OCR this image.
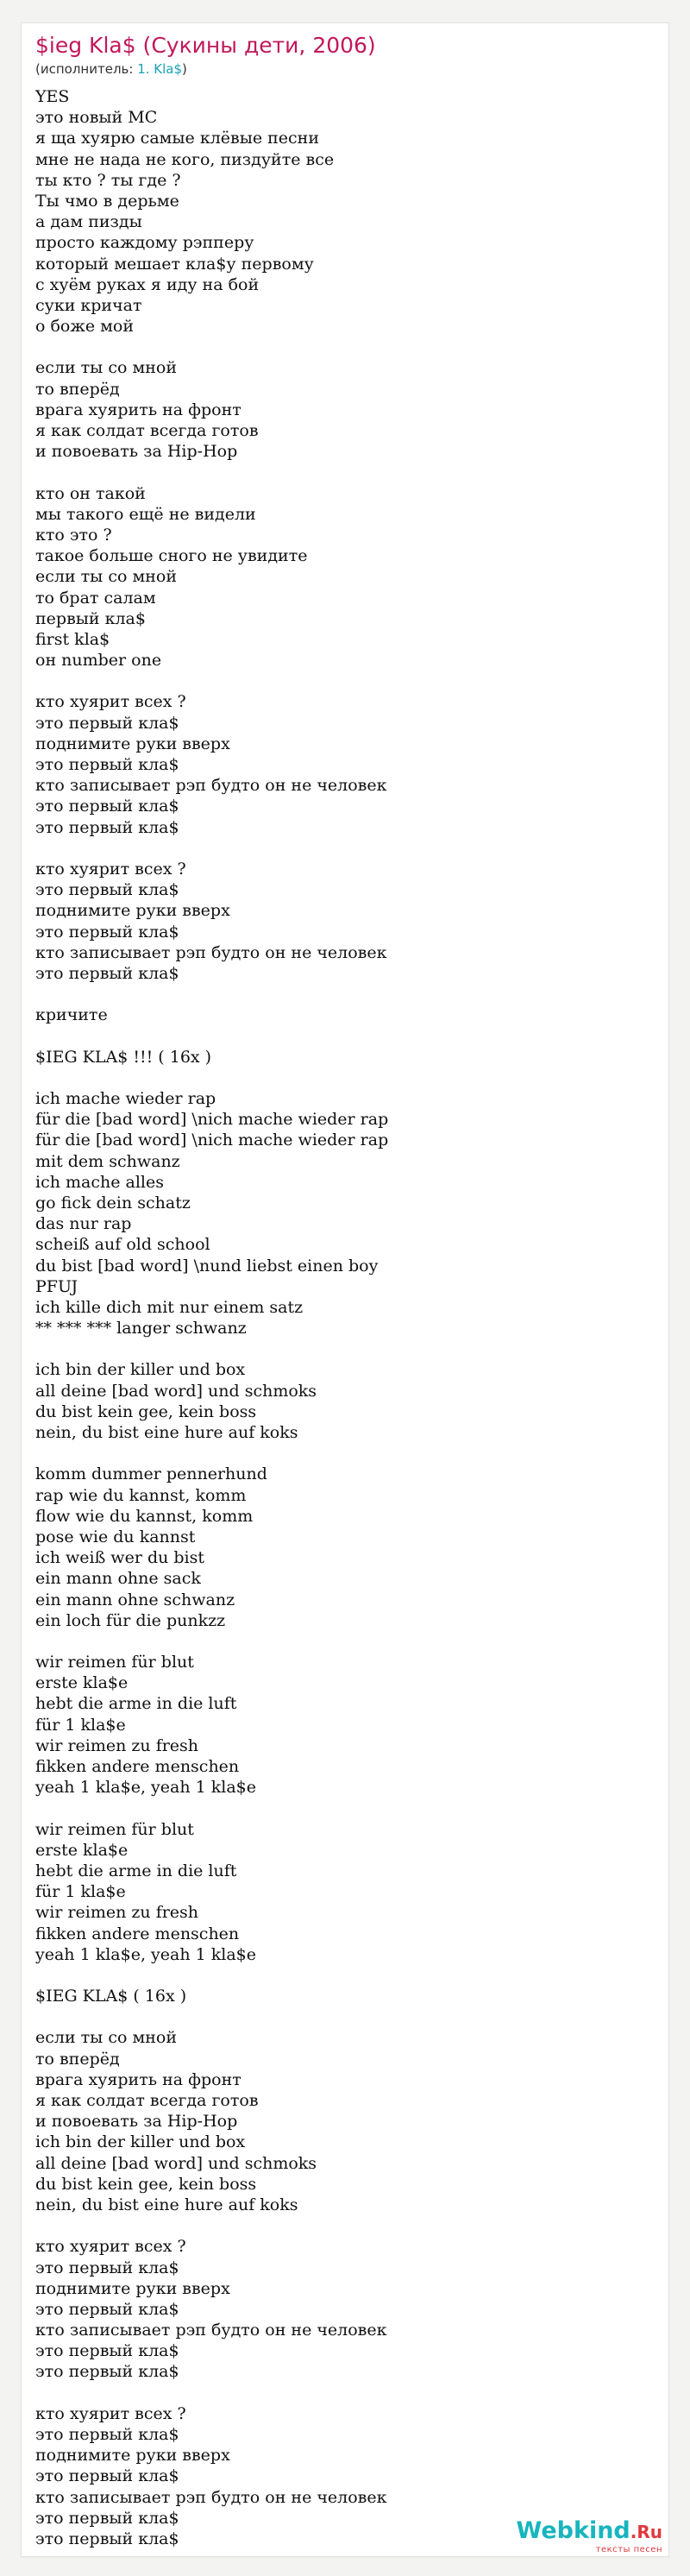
$ieg Kla$ (Сукины дети, 2006)
(исполнитель: 1. Kla$)
YES
это новый MC
я ща хуярю самые клёвые песни
мне не нада не кого, пиздуйте все
ты кто ? ты где ?
Ты чмо в дерьме
а дам пизды
просто каждому рэпперу
который мешает кла$у первому
с хуём руках я иду на бой
суки кричат
о боже мой
если ты со мной
то вперёд
врага хуярить на фронт
я как солдат всегда готов
и повоевать за Hip-Hop
кто он такой
мы такого ещё не видели
кто это ?
такое больше сного не увидите
если ты со мной
то брат салам
первый кла$
first kla$
он number one
кто хуярит всех ?
это первый кла$
поднимите руки вверх
это первый кла$
кто записывает рэп будто он не человек
это первый кла$
это первый кла$
кто хуярит всех ?
это первый кла$
поднимите руки вверх
это первый кла$
кто записывает рэп будто он не человек
это первый кла$
кричите
$IEG KLA$ !!! ( 16x )
ich mache wieder rap
für die [bad word] \nich mache wieder rap
für die [bad word] \nich mache wieder rap
mit dem schwanz
ich mache alles
go fick dein schatz
das nur rap
scheiß auf old school
du bist [bad word] \nund liebst einen boy
PFUJ
ich kille dich mit nur einem satz
** *** *** langer schwanz
ich bin der killer und box
all deine [bad word] und schmoks
du bist kein gee, kein boss
nein, du bist eine hure auf koks
komm dummer pennerhund
rap wie du kannst, komm
flow wie du kannst, komm
pose wie du kannst
ich weiß wer du bist
ein mann ohne sack
ein mann ohne schwanz
ein loch für die punkzz
wir reimen für blut
erste kla$e
hebt die arme in die luft
für 1 kla$e
wir reimen zu fresh
fikken andere menschen
yeah 1 kla$e, yeah 1 kla$e
wir reimen für blut
erste kla$e
hebt die arme in die luft
für 1 kla$e
wir reimen zu fresh
fikken andere menschen
yeah 1 kla$e, yeah 1 kla$e
$IEG KLA$ ( 16x )
если ты со мной
то вперёд
врага хуярить на фронт
я как солдат всегда готов
и повоевать за Hip-Hop
ich bin der killer und box
all deine [bad word] und schmoks
du bist kein gee, kein boss
nein, du bist eine hure auf koks
кто хуярит всех ?
это первый кла$
поднимите руки вверх
это первый кла$
кто записывает рэп будто он не человек
это первый кла$
это первый кла$
кто хуярит всех ?
это первый кла$
поднимите руки вверх
это первый кла$
кто записывает рэп будто он не человек
это первый кла$
это первый кла$	Webkind.Ru
тексты песен
